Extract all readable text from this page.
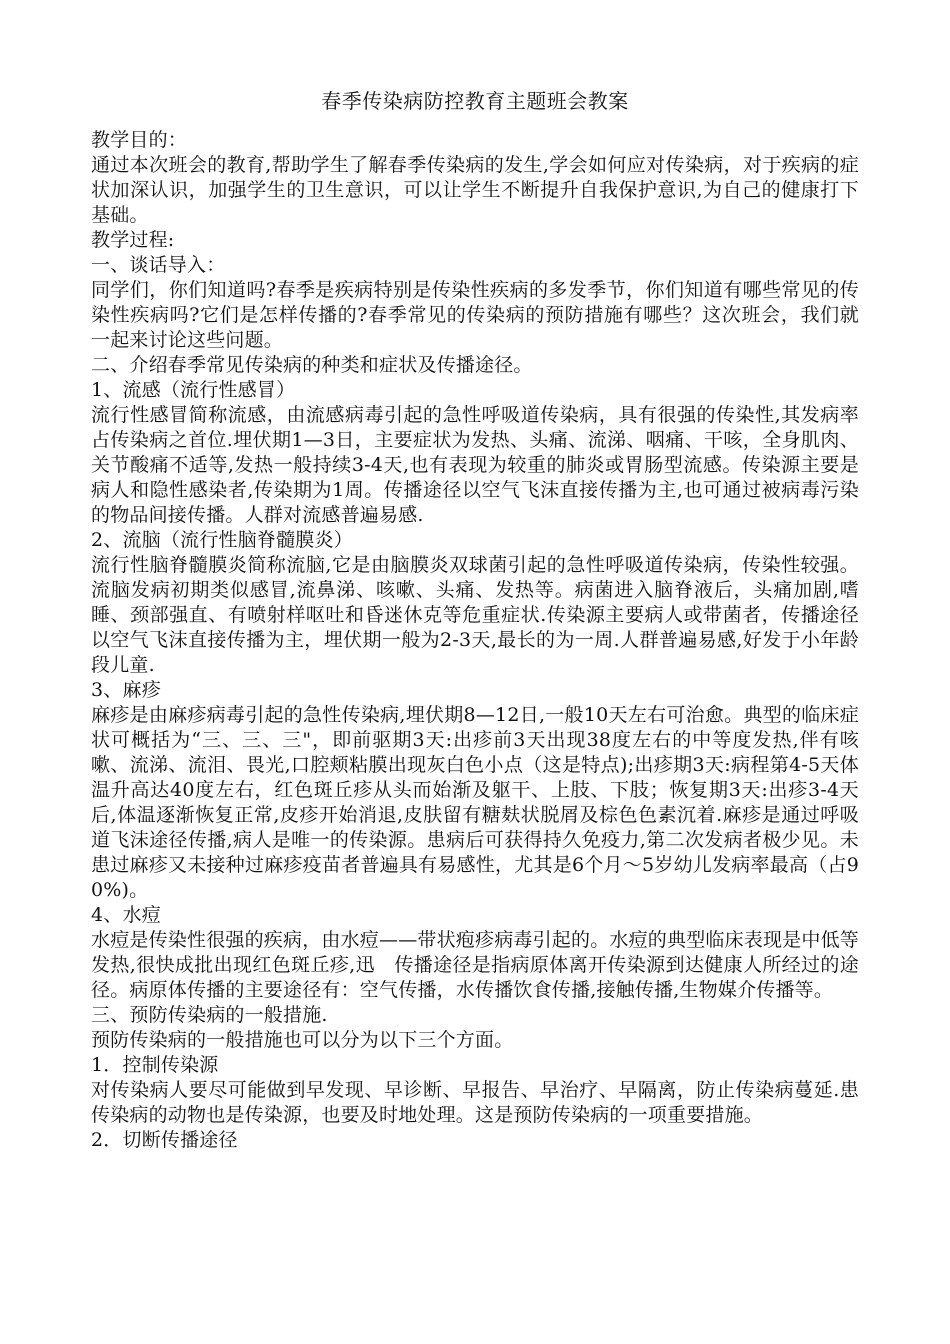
春季传染病防控教育主题班会教案

教学目的：

通过本次班会的教育,帮助学生了解春季传染病的发生,学会如何应对传染病，对于疾病的症状加深认识，加强学生的卫生意识，可以让学生不断提升自我保护意识,为自己的健康打下基础。

教学过程:

一、谈话导入：

同学们，你们知道吗?春季是疾病特别是传染性疾病的多发季节，你们知道有哪些常见的传染性疾病吗?它们是怎样传播的?春季常见的传染病的预防措施有哪些？这次班会，我们就一起来讨论这些问题。

二、介绍春季常见传染病的种类和症状及传播途径。

1、流感（流行性感冒）

流行性感冒简称流感，由流感病毒引起的急性呼吸道传染病，具有很强的传染性,其发病率占传染病之首位.埋伏期1—3日，主要症状为发热、头痛、流涕、咽痛、干咳，全身肌肉、关节酸痛不适等,发热一般持续3-4天,也有表现为较重的肺炎或胃肠型流感。传染源主要是病人和隐性感染者,传染期为1周。传播途径以空气飞沫直接传播为主,也可通过被病毒污染的物品间接传播。人群对流感普遍易感.

2、流脑（流行性脑脊髓膜炎）

流行性脑脊髓膜炎简称流脑,它是由脑膜炎双球菌引起的急性呼吸道传染病，传染性较强。流脑发病初期类似感冒,流鼻涕、咳嗽、头痛、发热等。病菌进入脑脊液后，头痛加剧,嗜睡、颈部强直、有喷射样呕吐和昏迷休克等危重症状.传染源主要病人或带菌者，传播途径以空气飞沫直接传播为主，埋伏期一般为2-3天,最长的为一周.人群普遍易感,好发于小年龄段儿童.

3、麻疹

麻疹是由麻疹病毒引起的急性传染病,埋伏期8—12日,一般10天左右可治愈。典型的临床症状可概括为“三、三、三"，即前驱期3天:出疹前3天出现38度左右的中等度发热,伴有咳嗽、流涕、流泪、畏光,口腔颊粘膜出现灰白色小点（这是特点);出疹期3天:病程第4-5天体温升高达40度左右，红色斑丘疹从头而始渐及躯干、上肢、下肢；恢复期3天:出疹3-4天后,体温逐渐恢复正常,皮疹开始消退,皮肤留有糖麸状脱屑及棕色色素沉着.麻疹是通过呼吸道飞沫途径传播,病人是唯一的传染源。患病后可获得持久免疫力,第二次发病者极少见。未患过麻疹又未接种过麻疹疫苗者普遍具有易感性，尤其是6个月～5岁幼儿发病率最高（占90%)。

4、水痘

水痘是传染性很强的疾病，由水痘——带状疱疹病毒引起的。水痘的典型临床表现是中低等发热,很快成批出现红色斑丘疹,迅　传播途径是指病原体离开传染源到达健康人所经过的途径。病原体传播的主要途径有：空气传播，水传播饮食传播,接触传播,生物媒介传播等。

三、预防传染病的一般措施.

预防传染病的一般措施也可以分为以下三个方面。

1．控制传染源

对传染病人要尽可能做到早发现、早诊断、早报告、早治疗、早隔离，防止传染病蔓延.患传染病的动物也是传染源，也要及时地处理。这是预防传染病的一项重要措施。

2．切断传播途径
